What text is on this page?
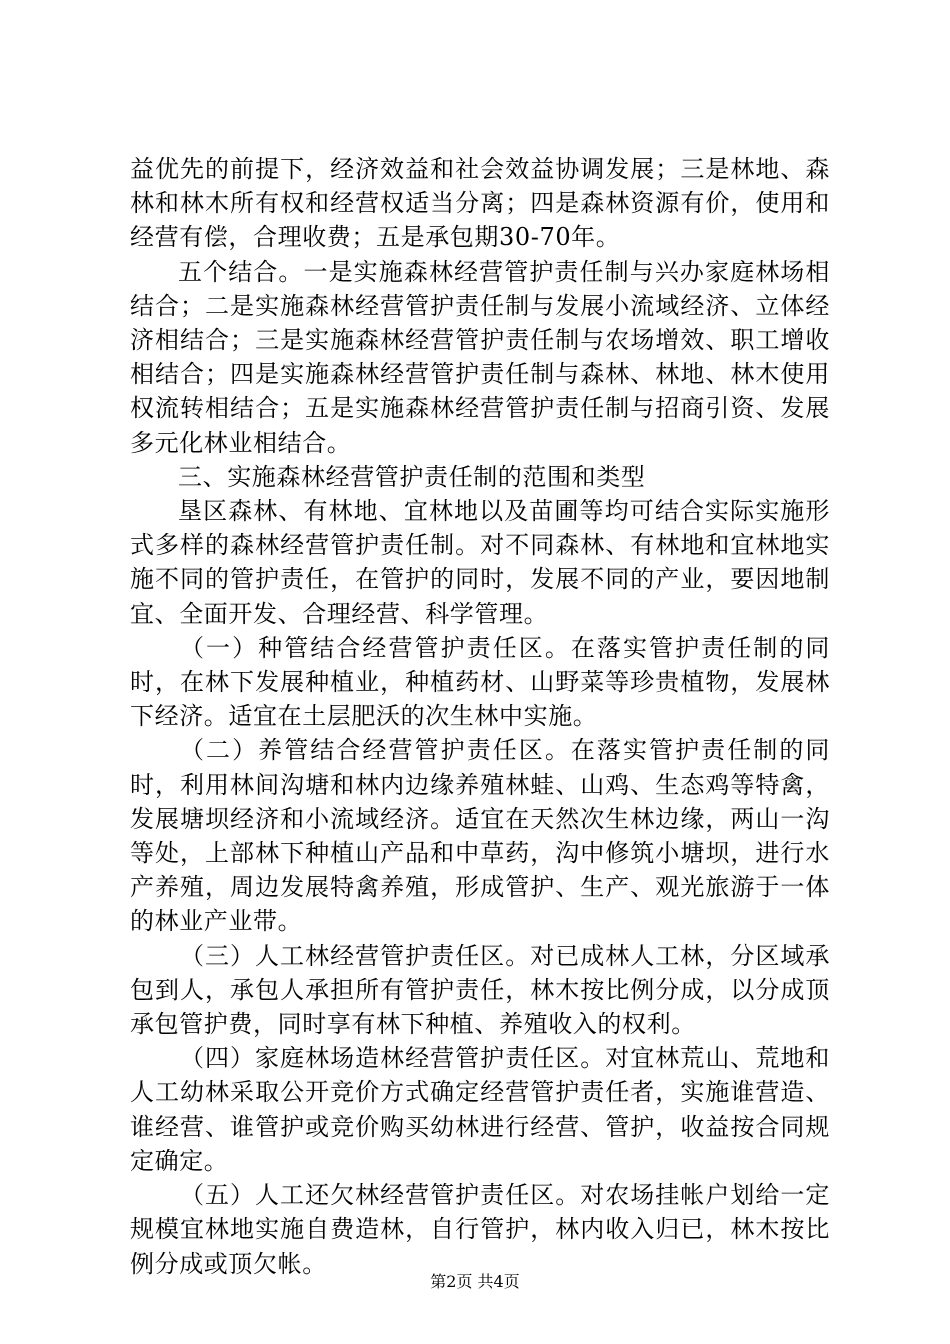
益优先的前提下，经济效益和社会效益协调发展；三是林地、森林和林木所有权和经营权适当分离；四是森林资源有价，使用和经营有偿，合理收费；五是承包期30-70年。

五个结合。一是实施森林经营管护责任制与兴办家庭林场相结合；二是实施森林经营管护责任制与发展小流域经济、立体经济相结合；三是实施森林经营管护责任制与农场增效、职工增收相结合；四是实施森林经营管护责任制与森林、林地、林木使用权流转相结合；五是实施森林经营管护责任制与招商引资、发展多元化林业相结合。

三、实施森林经营管护责任制的范围和类型

垦区森林、有林地、宜林地以及苗圃等均可结合实际实施形式多样的森林经营管护责任制。对不同森林、有林地和宜林地实施不同的管护责任，在管护的同时，发展不同的产业，要因地制宜、全面开发、合理经营、科学管理。

（一）种管结合经营管护责任区。在落实管护责任制的同时，在林下发展种植业，种植药材、山野菜等珍贵植物，发展林下经济。适宜在土层肥沃的次生林中实施。

（二）养管结合经营管护责任区。在落实管护责任制的同时，利用林间沟塘和林内边缘养殖林蛙、山鸡、生态鸡等特禽，发展塘坝经济和小流域经济。适宜在天然次生林边缘，两山一沟等处，上部林下种植山产品和中草药，沟中修筑小塘坝，进行水产养殖，周边发展特禽养殖，形成管护、生产、观光旅游于一体的林业产业带。

（三）人工林经营管护责任区。对已成林人工林，分区域承包到人，承包人承担所有管护责任，林木按比例分成，以分成顶承包管护费，同时享有林下种植、养殖收入的权利。

（四）家庭林场造林经营管护责任区。对宜林荒山、荒地和人工幼林采取公开竞价方式确定经营管护责任者，实施谁营造、谁经营、谁管护或竞价购买幼林进行经营、管护，收益按合同规定确定。

（五）人工还欠林经营管护责任区。对农场挂帐户划给一定规模宜林地实施自费造林，自行管护，林内收入归已，林木按比例分成或顶欠帐。

第2页 共4页
